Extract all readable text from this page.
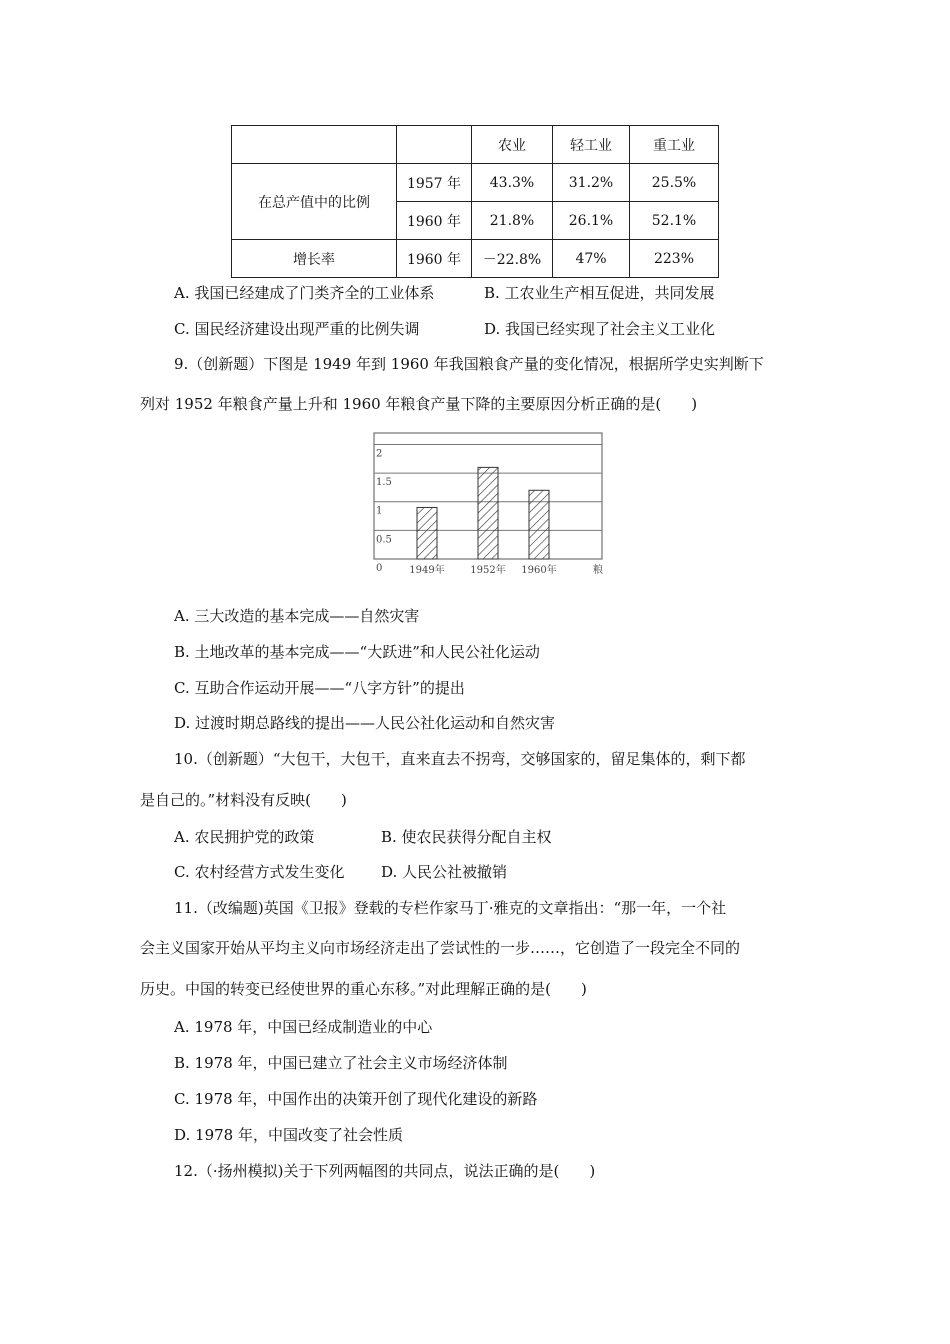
		农业	轻工业	重工业
在总产值中的比例	1957 年	43.3%	31.2%	25.5%
	1960 年	21.8%	26.1%	52.1%
增长率	1960 年	－22.8%	47%	223%
A. 我国已经建成了门类齐全的工业体系	B. 工农业生产相互促进，共同发展
C. 国民经济建设出现严重的比例失调	D. 我国已经实现了社会主义工业化
9.（创新题）下图是 1949 年到 1960 年我国粮食产量的变化情况，根据所学史实判断下
列对 1952 年粮食产量上升和 1960 年粮食产量下降的主要原因分析正确的是(　　)
0
0.5
1
1.5
2
1949年	1952年 1960年	粮
A. 三大改造的基本完成——自然灾害
B. 土地改革的基本完成——“大跃进”和人民公社化运动
C. 互助合作运动开展——“八字方针”的提出
D. 过渡时期总路线的提出——人民公社化运动和自然灾害
10.（创新题）“大包干，大包干，直来直去不拐弯，交够国家的，留足集体的，剩下都
是自己的。”材料没有反映(　　)
A. 农民拥护党的政策	B. 使农民获得分配自主权
C. 农村经营方式发生变化 D. 人民公社被撤销
11.（改编题)英国《卫报》登载的专栏作家马丁·雅克的文章指出：“那一年，一个社
会主义国家开始从平均主义向市场经济走出了尝试性的一步……，它创造了一段完全不同的
历史。中国的转变已经使世界的重心东移。”对此理解正确的是(　　)
A. 1978 年，中国已经成制造业的中心
B. 1978 年，中国已建立了社会主义市场经济体制
C. 1978 年，中国作出的决策开创了现代化建设的新路
D. 1978 年，中国改变了社会性质
12.（·扬州模拟)关于下列两幅图的共同点，说法正确的是(　　)
